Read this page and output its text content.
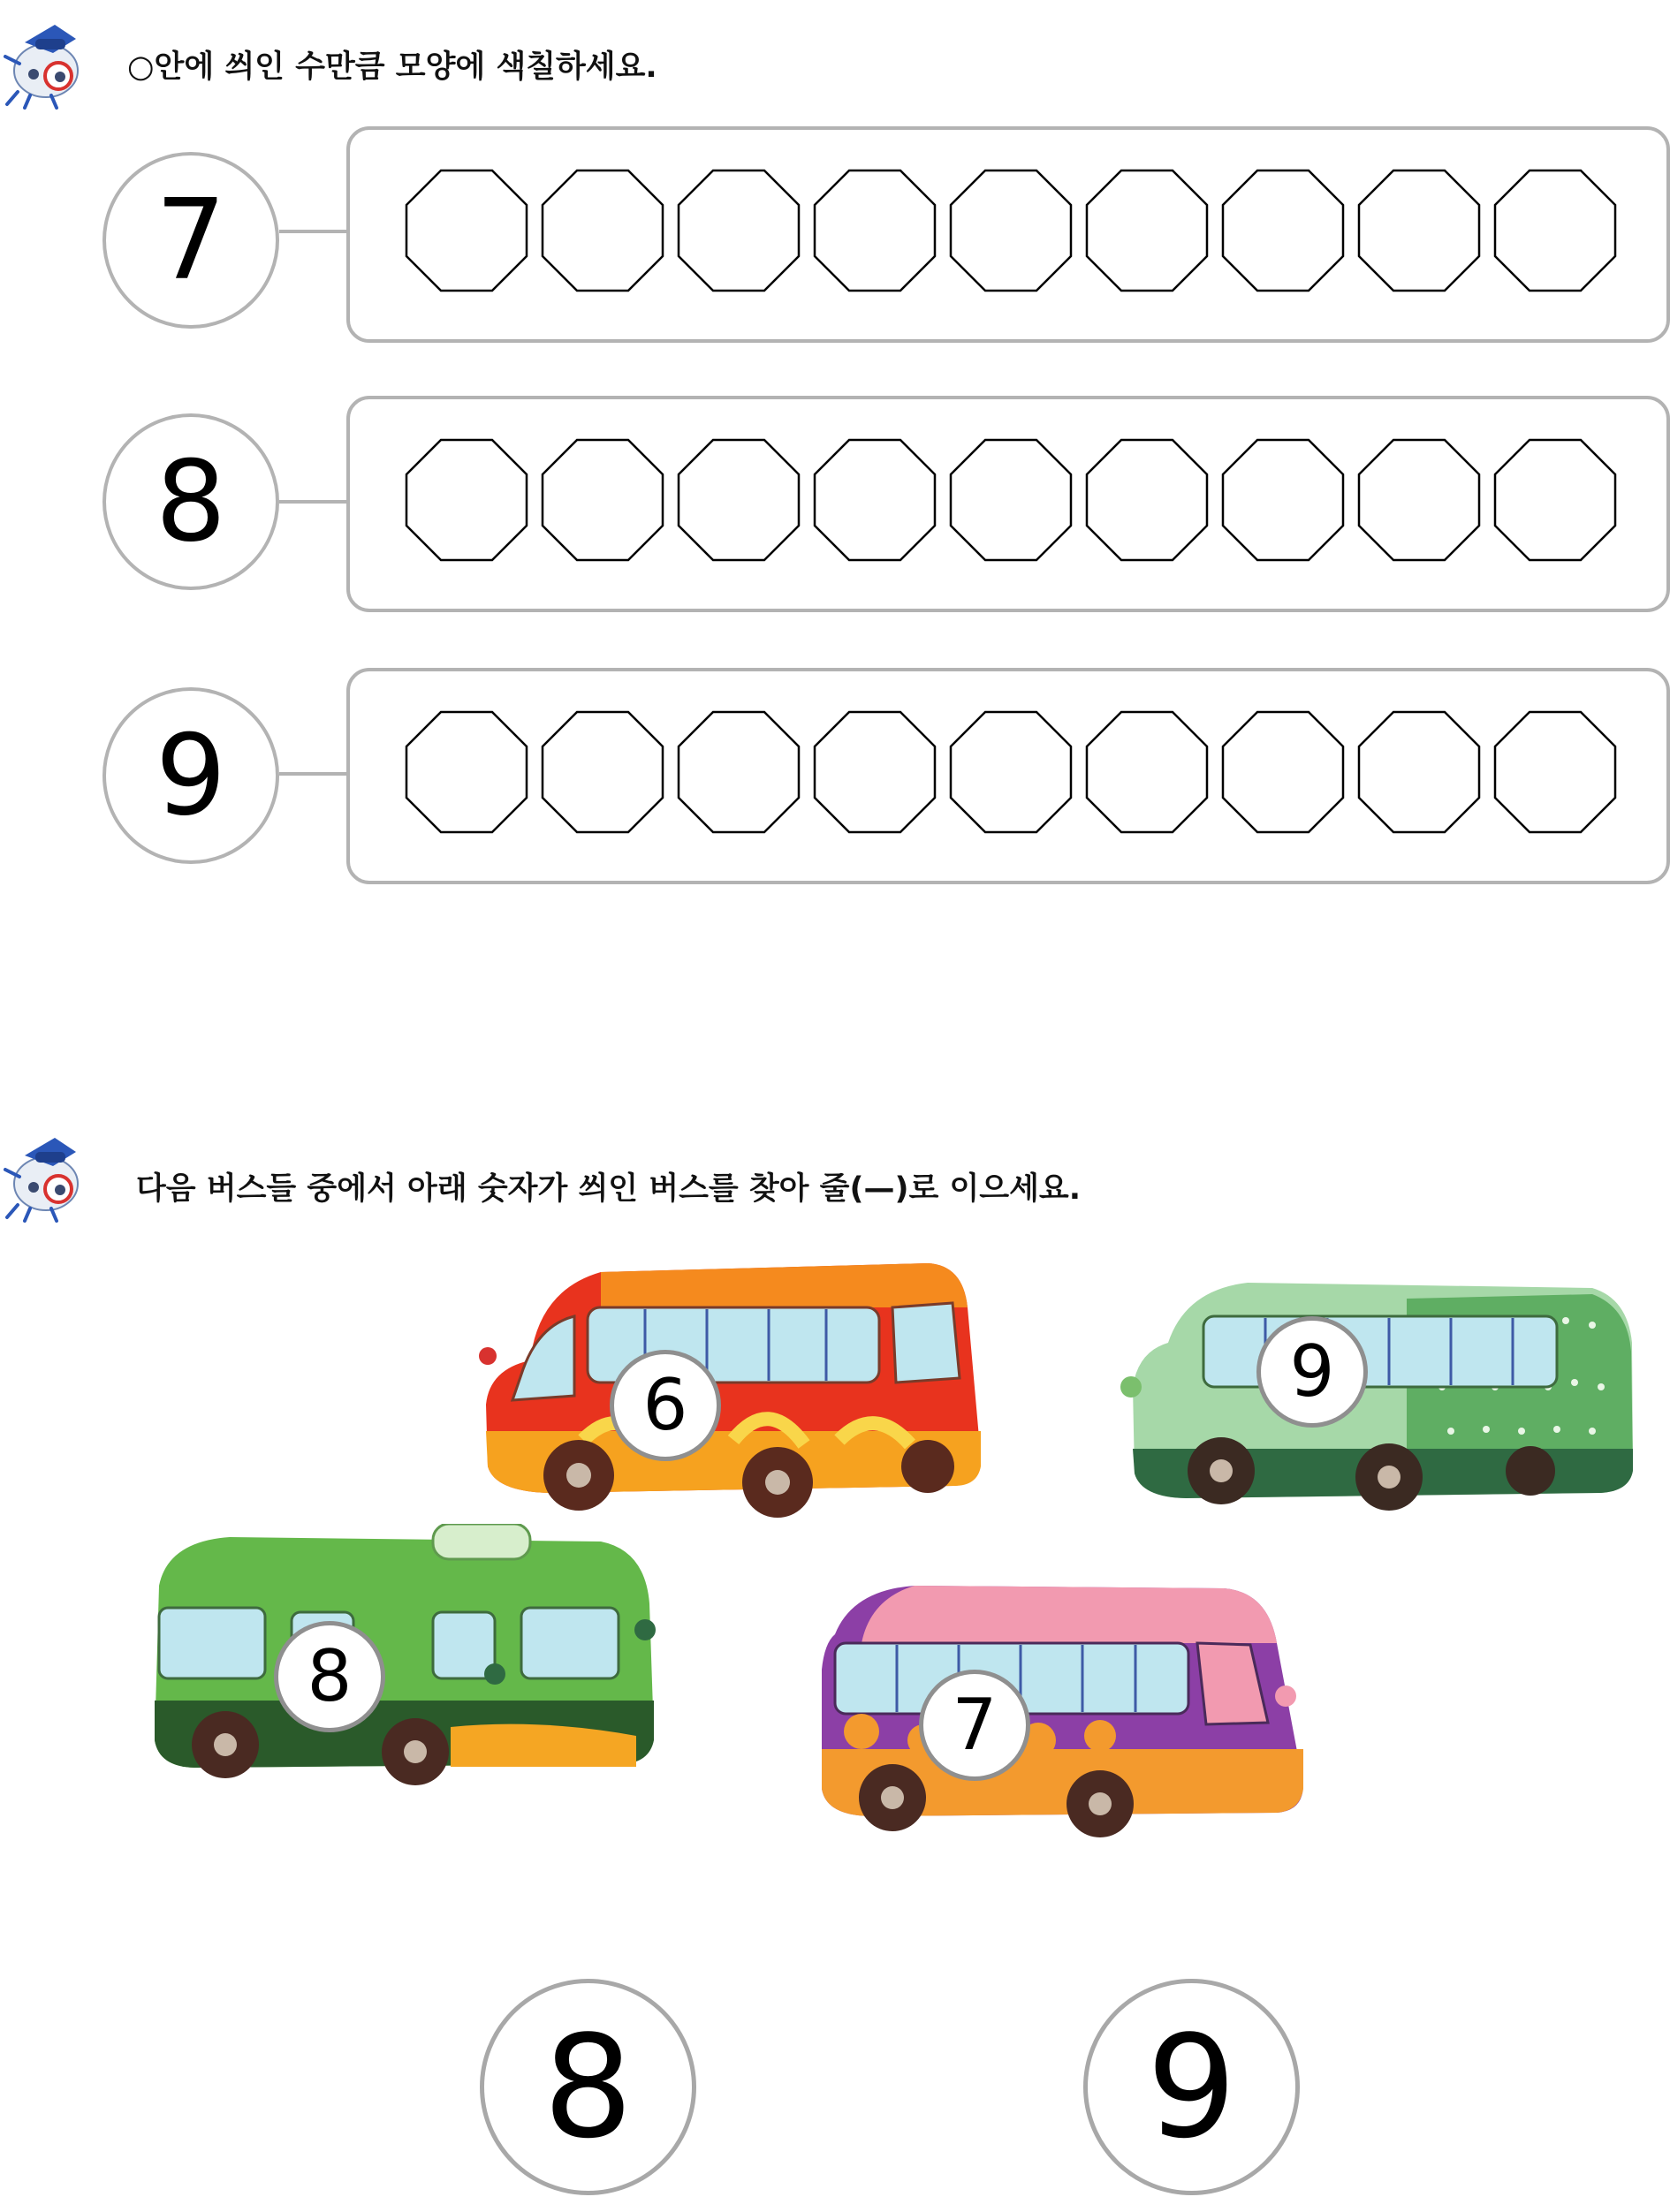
○안에 씌인 수만큼 모양에 색칠하세요.
7
8
9
다음 버스들 중에서 아래 숫자가 씌인 버스를 찾아 줄(—)로 이으세요.
6	9
8
7
8	9
